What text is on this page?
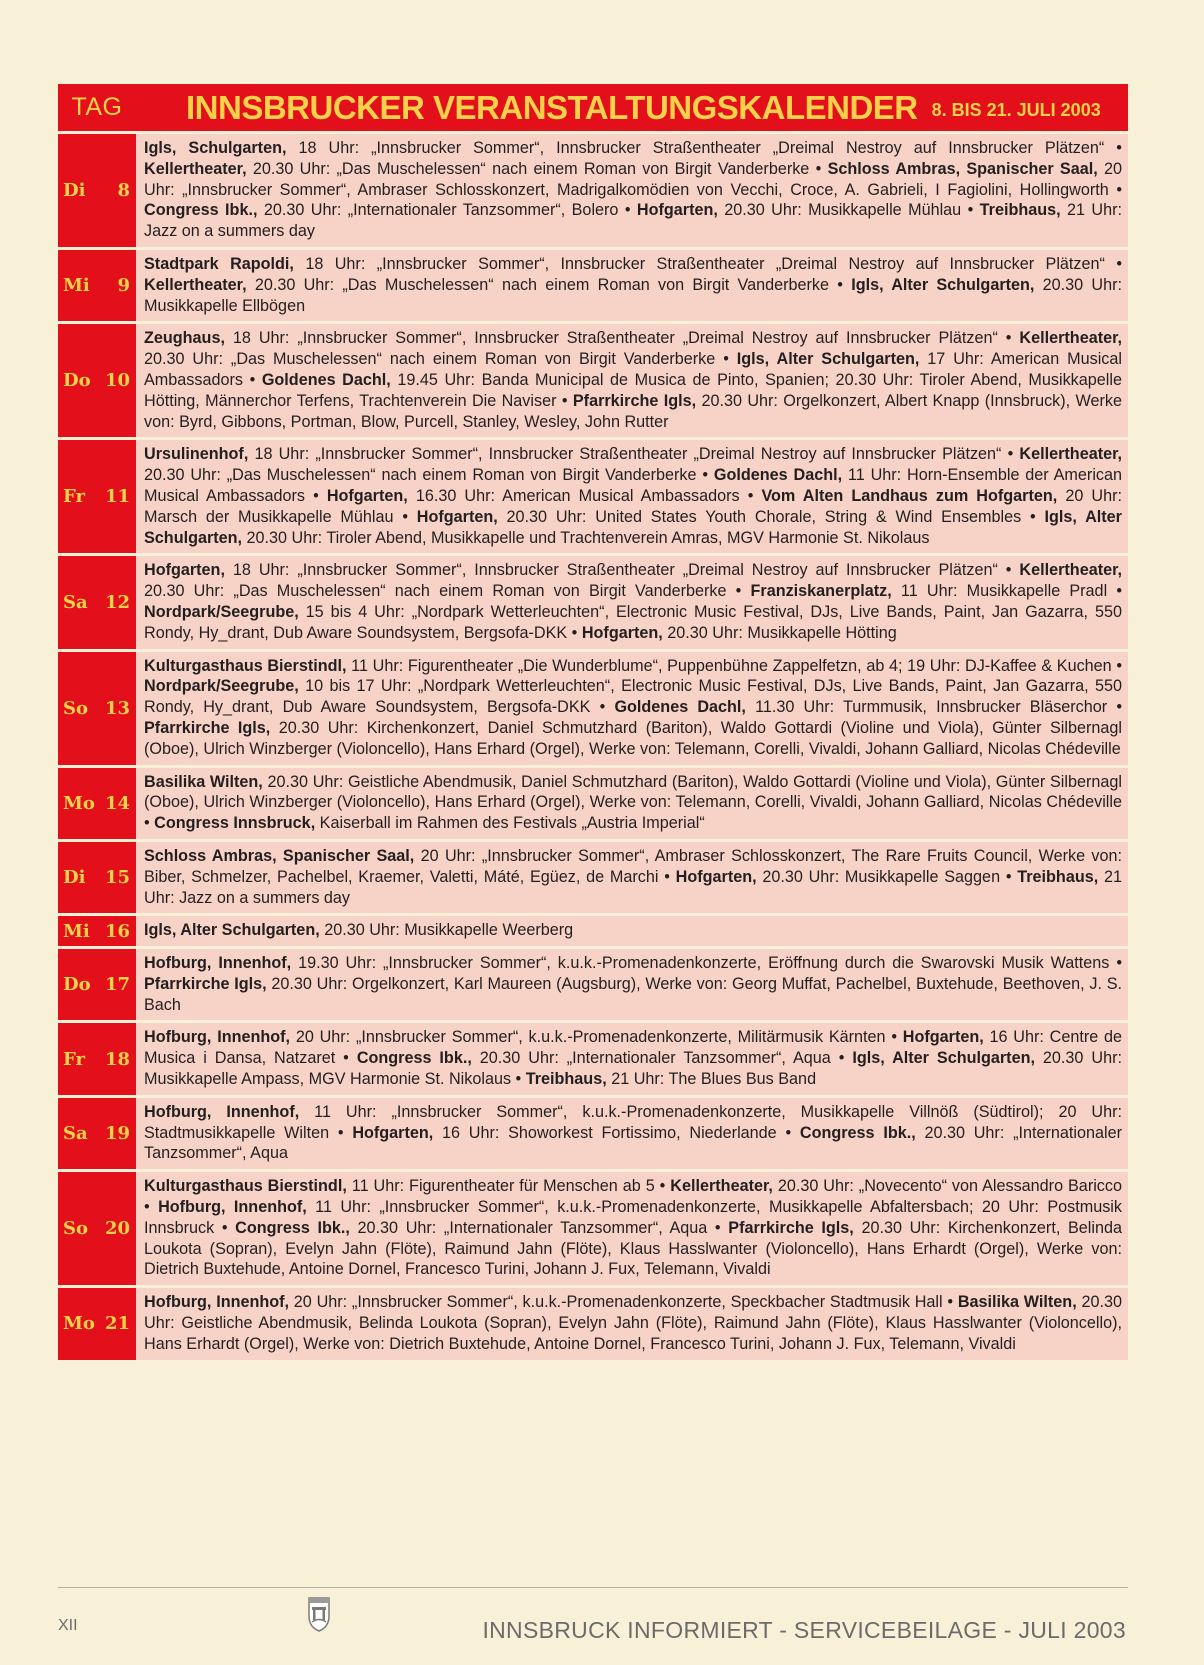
TAG	INNSBRUCKER VERANSTALTUNGSKALENDER 8. BIS 21. JULI 2003
Di 8
Igls, Schulgarten, 18 Uhr: „Innsbrucker Sommer“, Innsbrucker Straßentheater „Dreimal Nestroy auf Innsbrucker Plätzen“ • Kellertheater, 20.30 Uhr: „Das Muschelessen“ nach einem Roman von Birgit Vanderberke • Schloss Ambras, Spanischer Saal, 20 Uhr: „Innsbrucker Sommer“, Ambraser Schlosskonzert, Madrigalkomödien von Vecchi, Croce, A. Gabrieli, I Fagiolini, Hollingworth • Congress Ibk., 20.30 Uhr: „Internationaler Tanzsommer“, Bolero • Hofgarten, 20.30 Uhr: Musikkapelle Mühlau • Treibhaus, 21 Uhr: Jazz on a summers day
Mi 9
Stadtpark Rapoldi, 18 Uhr: „Innsbrucker Sommer“, Innsbrucker Straßentheater „Dreimal Nestroy auf Innsbrucker Plätzen“ • Kellertheater, 20.30 Uhr: „Das Muschelessen“ nach einem Roman von Birgit Vanderberke • Igls, Alter Schulgarten, 20.30 Uhr: Musikkapelle Ellbögen
Do 10
Zeughaus, 18 Uhr: „Innsbrucker Sommer“, Innsbrucker Straßentheater „Dreimal Nestroy auf Innsbrucker Plätzen“ • Kellertheater, 20.30 Uhr: „Das Muschelessen“ nach einem Roman von Birgit Vanderberke • Igls, Alter Schulgarten, 17 Uhr: American Musical Ambassadors • Goldenes Dachl, 19.45 Uhr: Banda Municipal de Musica de Pinto, Spanien; 20.30 Uhr: Tiroler Abend, Musikkapelle Hötting, Männerchor Terfens, Trachtenverein Die Naviser • Pfarrkirche Igls, 20.30 Uhr: Orgelkonzert, Albert Knapp (Innsbruck), Werke von: Byrd, Gibbons, Portman, Blow, Purcell, Stanley, Wesley, John Rutter
Fr 11
Ursulinenhof, 18 Uhr: „Innsbrucker Sommer“, Innsbrucker Straßentheater „Dreimal Nestroy auf Innsbrucker Plätzen“ • Kellertheater, 20.30 Uhr: „Das Muschelessen“ nach einem Roman von Birgit Vanderberke • Goldenes Dachl, 11 Uhr: Horn-Ensemble der American Musical Ambassadors • Hofgarten, 16.30 Uhr: American Musical Ambassadors • Vom Alten Landhaus zum Hofgarten, 20 Uhr: Marsch der Musikkapelle Mühlau • Hofgarten, 20.30 Uhr: United States Youth Chorale, String & Wind Ensembles • Igls, Alter Schulgarten, 20.30 Uhr: Tiroler Abend, Musikkapelle und Trachtenverein Amras, MGV Harmonie St. Nikolaus
Sa 12
Hofgarten, 18 Uhr: „Innsbrucker Sommer“, Innsbrucker Straßentheater „Dreimal Nestroy auf Innsbrucker Plätzen“ • Kellertheater, 20.30 Uhr: „Das Muschelessen“ nach einem Roman von Birgit Vanderberke • Franziskanerplatz, 11 Uhr: Musikkapelle Pradl • Nordpark/Seegrube, 15 bis 4 Uhr: „Nordpark Wetterleuchten“, Electronic Music Festival, DJs, Live Bands, Paint, Jan Gazarra, 550 Rondy, Hy_drant, Dub Aware Soundsystem, Bergsofa-DKK • Hofgarten, 20.30 Uhr: Musikkapelle Hötting
So 13
Kulturgasthaus Bierstindl, 11 Uhr: Figurentheater „Die Wunderblume“, Puppenbühne Zappelfetzn, ab 4; 19 Uhr: DJ-Kaffee & Kuchen • Nordpark/Seegrube, 10 bis 17 Uhr: „Nordpark Wetterleuchten“, Electronic Music Festival, DJs, Live Bands, Paint, Jan Gazarra, 550 Rondy, Hy_drant, Dub Aware Soundsystem, Bergsofa-DKK • Goldenes Dachl, 11.30 Uhr: Turmmusik, Innsbrucker Bläserchor • Pfarrkirche Igls, 20.30 Uhr: Kirchenkonzert, Daniel Schmutzhard (Bariton), Waldo Gottardi (Violine und Viola), Günter Silbernagl (Oboe), Ulrich Winzberger (Violoncello), Hans Erhard (Orgel), Werke von: Telemann, Corelli, Vivaldi, Johann Galliard, Nicolas Chédeville
Mo 14
Basilika Wilten, 20.30 Uhr: Geistliche Abendmusik, Daniel Schmutzhard (Bariton), Waldo Gottardi (Violine und Viola), Günter Silbernagl (Oboe), Ulrich Winzberger (Violoncello), Hans Erhard (Orgel), Werke von: Telemann, Corelli, Vivaldi, Johann Galliard, Nicolas Chédeville • Congress Innsbruck, Kaiserball im Rahmen des Festivals „Austria Imperial“
Di 15
Schloss Ambras, Spanischer Saal, 20 Uhr: „Innsbrucker Sommer“, Ambraser Schlosskonzert, The Rare Fruits Council, Werke von: Biber, Schmelzer, Pachelbel, Kraemer, Valetti, Máté, Egüez, de Marchi • Hofgarten, 20.30 Uhr: Musikkapelle Saggen • Treibhaus, 21 Uhr: Jazz on a summers day
Mi 16 Igls, Alter Schulgarten, 20.30 Uhr: Musikkapelle Weerberg
Do 17
Hofburg, Innenhof, 19.30 Uhr: „Innsbrucker Sommer“, k.u.k.-Promenadenkonzerte, Eröffnung durch die Swarovski Musik Wattens • Pfarrkirche Igls, 20.30 Uhr: Orgelkonzert, Karl Maureen (Augsburg), Werke von: Georg Muffat, Pachelbel, Buxtehude, Beethoven, J. S. Bach
Fr 18
Hofburg, Innenhof, 20 Uhr: „Innsbrucker Sommer“, k.u.k.-Promenadenkonzerte, Militärmusik Kärnten • Hofgarten, 16 Uhr: Centre de Musica i Dansa, Natzaret • Congress Ibk., 20.30 Uhr: „Internationaler Tanzsommer“, Aqua • Igls, Alter Schulgarten, 20.30 Uhr: Musikkapelle Ampass, MGV Harmonie St. Nikolaus • Treibhaus, 21 Uhr: The Blues Bus Band
Sa 19
Hofburg, Innenhof, 11 Uhr: „Innsbrucker Sommer“, k.u.k.-Promenadenkonzerte, Musikkapelle Villnöß (Südtirol); 20 Uhr: Stadtmusikkapelle Wilten • Hofgarten, 16 Uhr: Showorkest Fortissimo, Niederlande • Congress Ibk., 20.30 Uhr: „Internationaler Tanzsommer“, Aqua
So 20
Kulturgasthaus Bierstindl, 11 Uhr: Figurentheater für Menschen ab 5 • Kellertheater, 20.30 Uhr: „Novecento“ von Alessandro Baricco • Hofburg, Innenhof, 11 Uhr: „Innsbrucker Sommer“, k.u.k.-Promenadenkonzerte, Musikkapelle Abfaltersbach; 20 Uhr: Postmusik Innsbruck • Congress Ibk., 20.30 Uhr: „Internationaler Tanzsommer“, Aqua • Pfarrkirche Igls, 20.30 Uhr: Kirchenkonzert, Belinda Loukota (Sopran), Evelyn Jahn (Flöte), Raimund Jahn (Flöte), Klaus Hasslwanter (Violoncello), Hans Erhardt (Orgel), Werke von: Dietrich Buxtehude, Antoine Dornel, Francesco Turini, Johann J. Fux, Telemann, Vivaldi
Mo 21
Hofburg, Innenhof, 20 Uhr: „Innsbrucker Sommer“, k.u.k.-Promenadenkonzerte, Speckbacher Stadtmusik Hall • Basilika Wilten, 20.30 Uhr: Geistliche Abendmusik, Belinda Loukota (Sopran), Evelyn Jahn (Flöte), Raimund Jahn (Flöte), Klaus Hasslwanter (Violoncello), Hans Erhardt (Orgel), Werke von: Dietrich Buxtehude, Antoine Dornel, Francesco Turini, Johann J. Fux, Telemann, Vivaldi
XII	INNSBRUCK INFORMIERT - SERVICEBEILAGE - JULI 2003
